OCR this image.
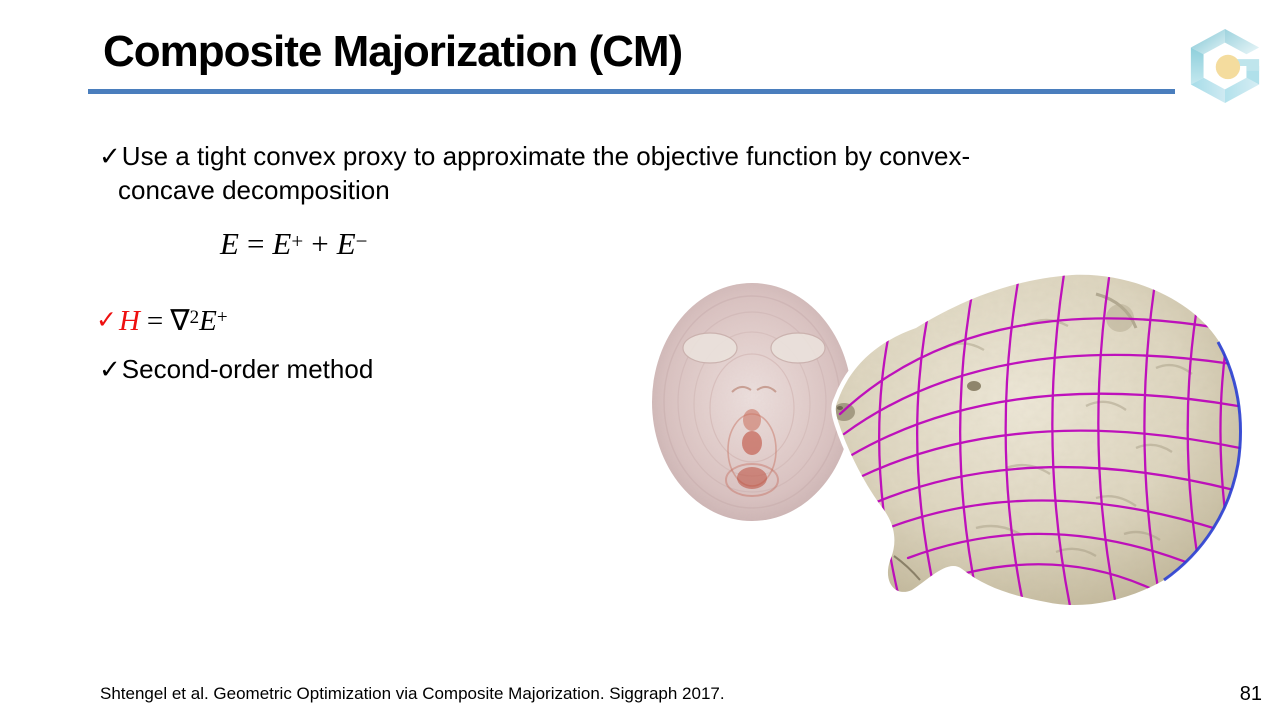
Composite Majorization (CM)
✓Use a tight convex proxy to approximate the objective function by convex-
concave decomposition
E = E+ + E−
✓H = ∇$^2$E+
✓Second-order method
Shtengel et al. Geometric Optimization via Composite Majorization. Siggraph 2017.	81
